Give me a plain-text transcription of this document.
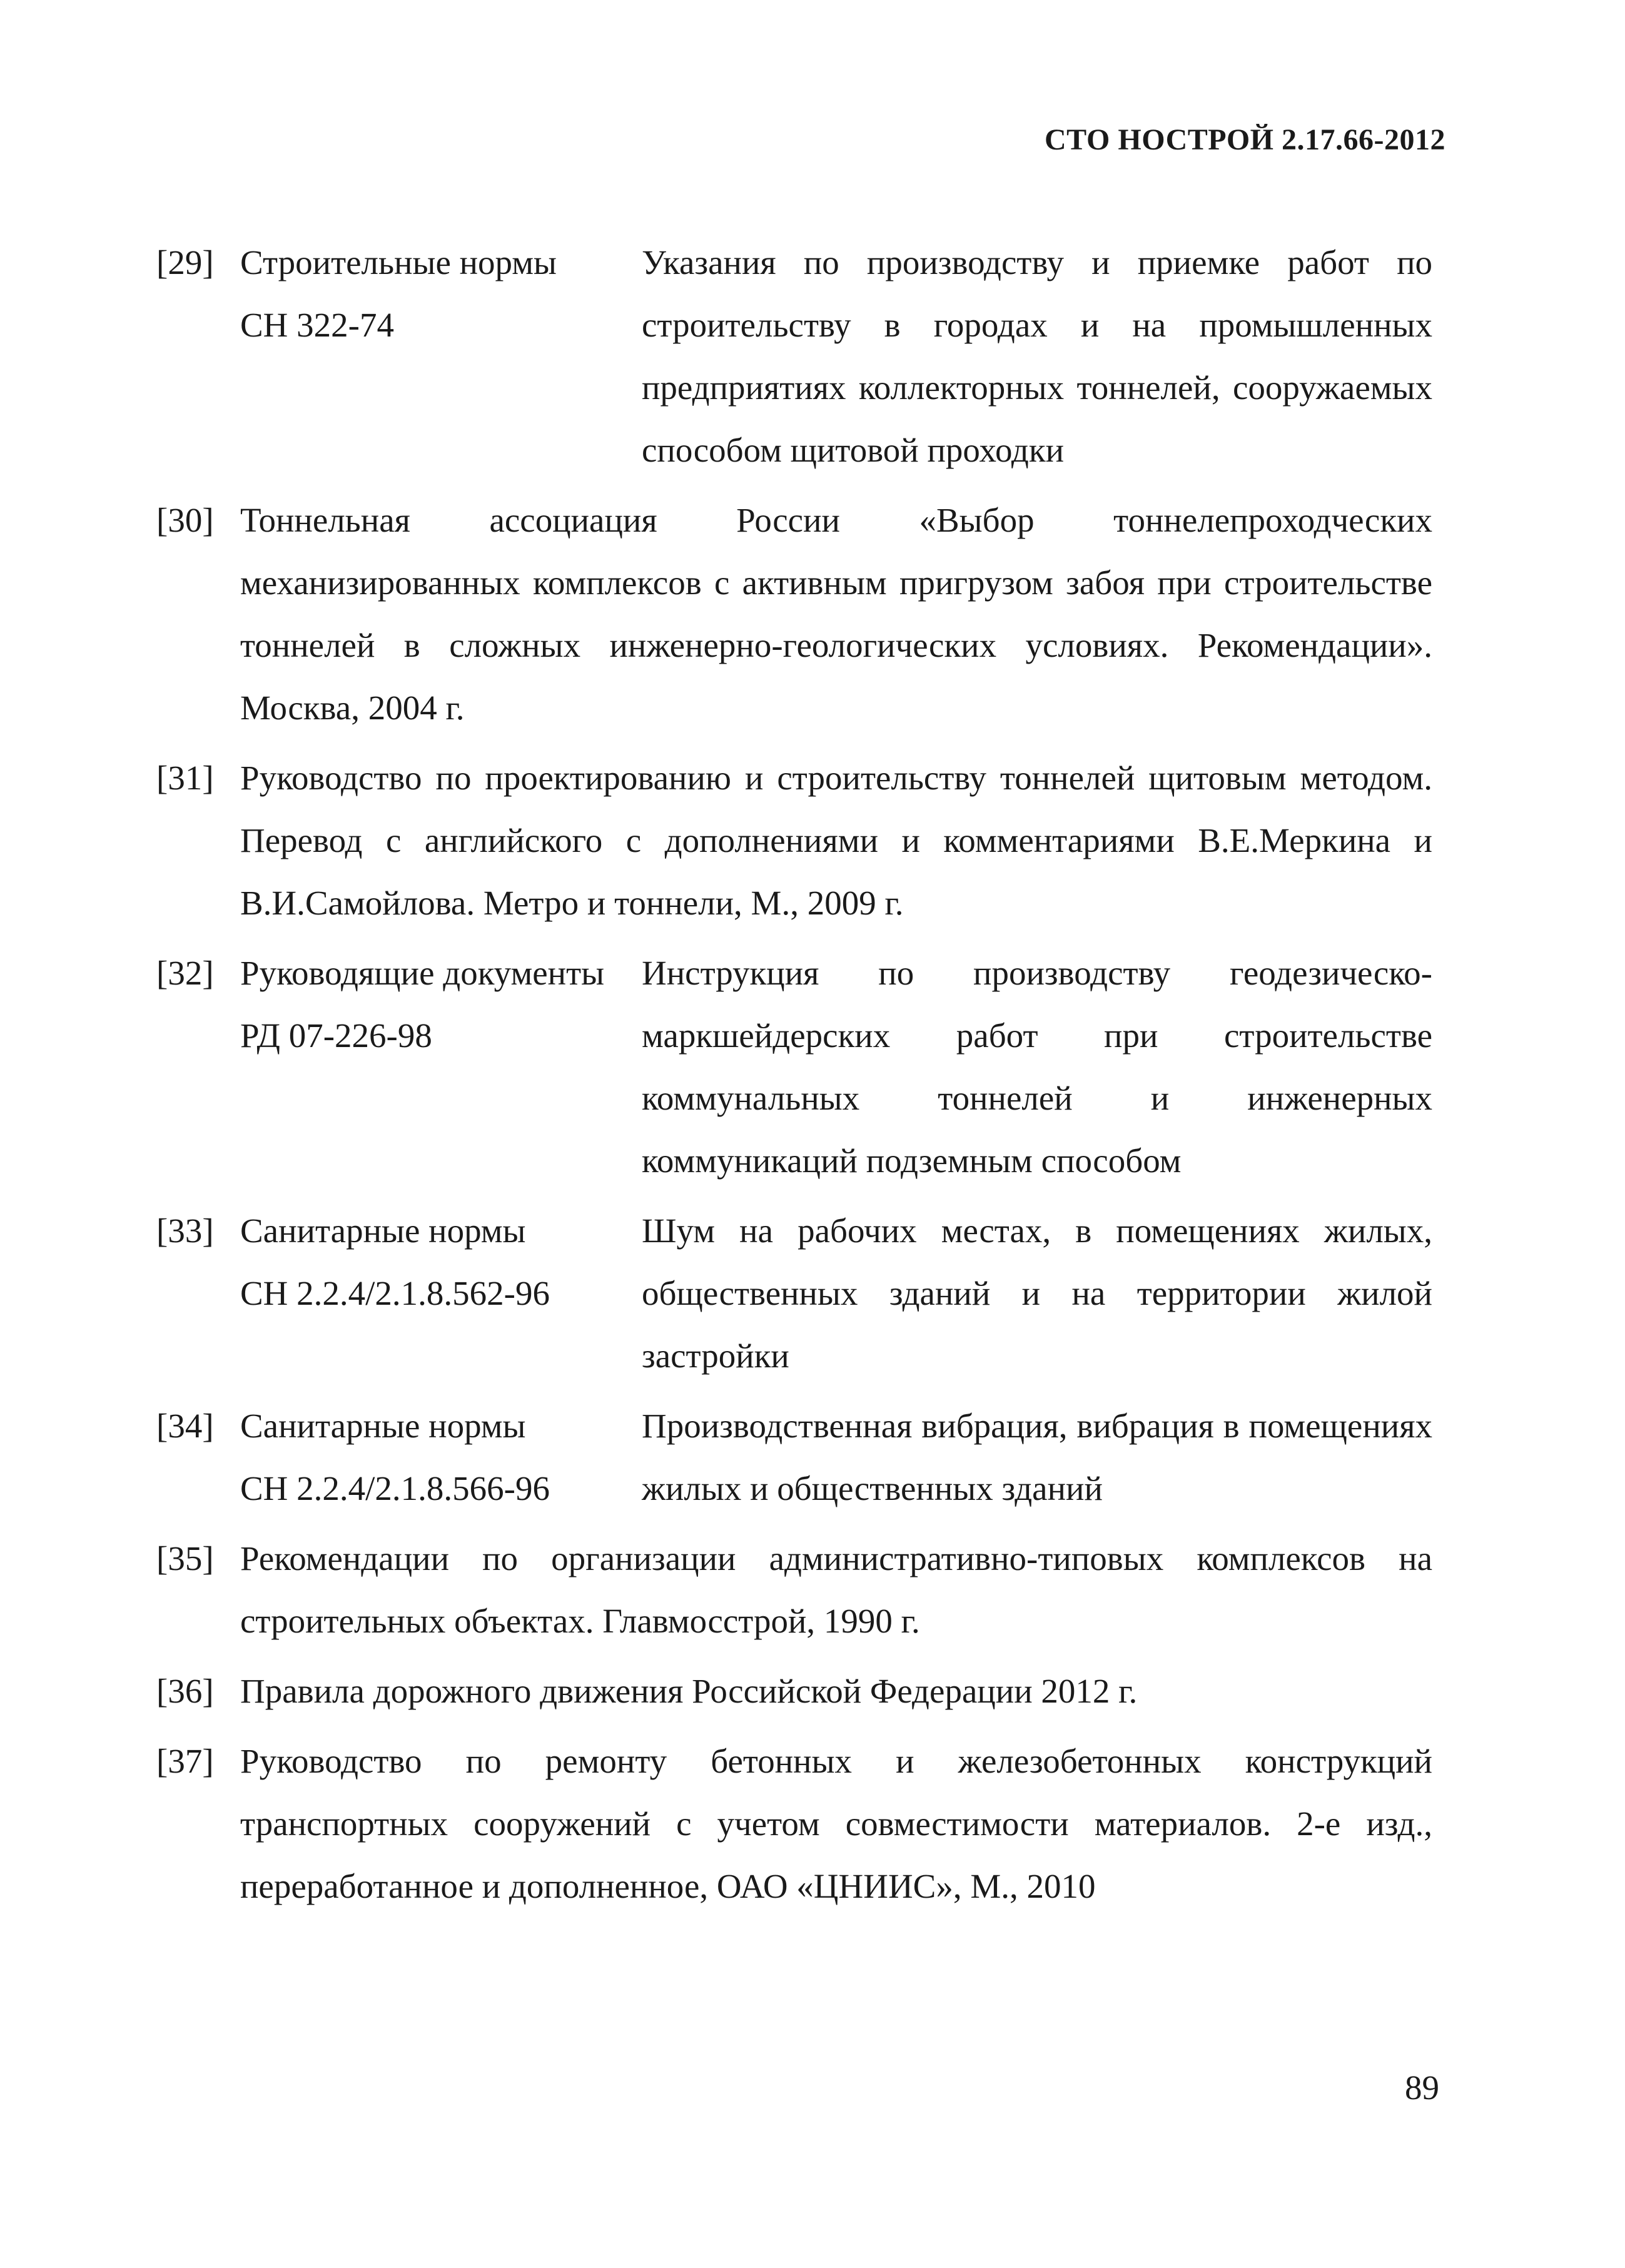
СТО НОСТРОЙ 2.17.66-2012
[29] Строительные нормы
СН 322-74
Указания по производству и приемке работ по строительству в городах и на промышленных предприятиях коллекторных тоннелей, сооружаемых способом щитовой проходки
[30] Тоннельная ассоциация России «Выбор тоннелепроходческих механизированных комплексов с активным пригрузом забоя при строительстве тоннелей в сложных инженерно-геологических условиях. Рекомендации». Москва, 2004 г.
[31] Руководство по проектированию и строительству тоннелей щитовым методом. Перевод с английского с дополнениями и комментариями В.Е.Меркина и В.И.Самойлова. Метро и тоннели, М., 2009 г.
[32] Руководящие документы
РД 07-226-98
Инструкция по производству геодезическо-маркшейдерских работ при строительстве коммунальных тоннелей и инженерных коммуникаций подземным способом
[33] Санитарные нормы
СН 2.2.4/2.1.8.562-96
Шум на рабочих местах, в помещениях жилых, общественных зданий и на территории жилой застройки
[34] Санитарные нормы
СН 2.2.4/2.1.8.566-96
Производственная вибрация, вибрация в помещениях жилых и общественных зданий
[35] Рекомендации по организации административно-типовых комплексов на строительных объектах. Главмосстрой, 1990 г.
[36] Правила дорожного движения Российской Федерации 2012 г.
[37] Руководство по ремонту бетонных и железобетонных конструкций транспортных сооружений с учетом совместимости материалов. 2-е изд., переработанное и дополненное, ОАО «ЦНИИС», М., 2010
89
